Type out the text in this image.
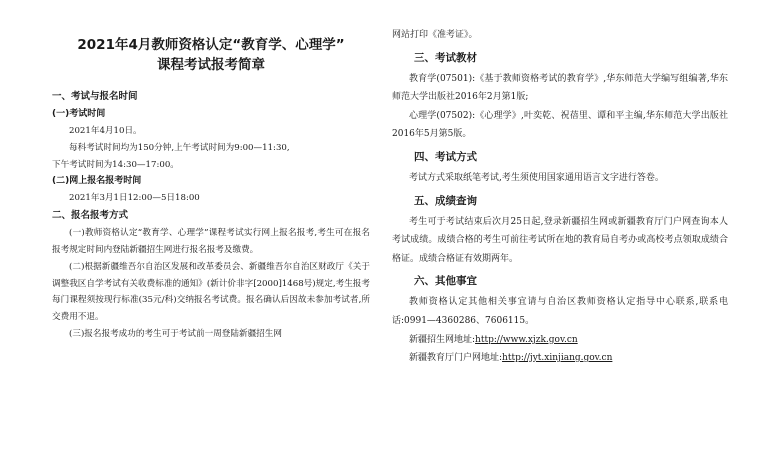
2021年4月教师资格认定“教育学、心理学”

课程考试报考简章

一、考试与报名时间

(一)考试时间

2021年4月10日。

每科考试时间均为150分钟,上午考试时间为9:00—11:30,

下午考试时间为14:30—17:00。

(二)网上报名报考时间

2021年3月1日12:00—5日18:00

二、报名报考方式

(一)教师资格认定“教育学、心理学”课程考试实行网上报名报考,考生可在报名报考规定时间内登陆新疆招生网进行报名报考及缴费。

(二)根据新疆维吾尔自治区发展和改革委员会、新疆维吾尔自治区财政厅《关于调整我区自学考试有关收费标准的通知》(新计价非字[2000]1468号)规定,考生报考每门课程须按现行标准(35元/科)交纳报名考试费。报名确认后因故未参加考试者,所交费用不退。

(三)报名报考成功的考生可于考试前一周登陆新疆招生网

网站打印《准考证》。

三、考试教材

教育学(07501):《基于教师资格考试的教育学》,华东师范大学编写组编著,华东师范大学出版社2016年2月第1版;

心理学(07502):《心理学》,叶奕乾、祝蓓里、谭和平主编,华东师范大学出版社2016年5月第5版。

四、考试方式

考试方式采取纸笔考试,考生须使用国家通用语言文字进行答卷。

五、成绩查询

考生可于考试结束后次月25日起,登录新疆招生网或新疆教育厅门户网查询本人考试成绩。成绩合格的考生可前往考试所在地的教育局自考办或高校考点领取成绩合格证。成绩合格证有效期两年。

六、其他事宜

教师资格认定其他相关事宜请与自治区教师资格认定指导中心联系,联系电话:0991—4360286、7606115。

新疆招生网地址:http://www.xjzk.gov.cn

新疆教育厅门户网地址:http://jyt.xinjiang.gov.cn
